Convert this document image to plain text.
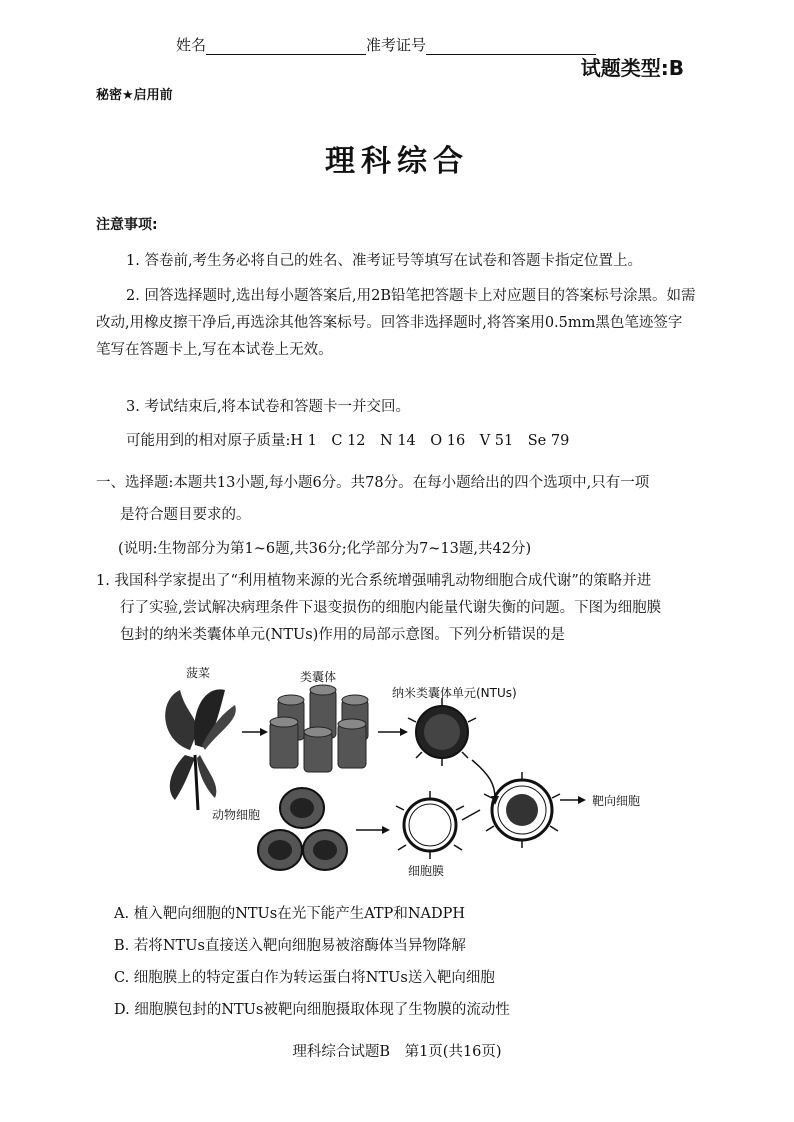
姓名	准考证号
试题类型:B
秘密★启用前
理科综合
注意事项:
1. 答卷前,考生务必将自己的姓名、准考证号等填写在试卷和答题卡指定位置上。
2. 回答选择题时,选出每小题答案后,用2B铅笔把答题卡上对应题目的答案标号涂黑。如需改动,用橡皮擦干净后,再选涂其他答案标号。回答非选择题时,将答案用0.5mm黑色笔迹签字笔写在答题卡上,写在本试卷上无效。
3. 考试结束后,将本试卷和答题卡一并交回。
可能用到的相对原子质量:H 1　C 12　N 14　O 16　V 51　Se 79
一、选择题:本题共13小题,每小题6分。共78分。在每小题给出的四个选项中,只有一项
是符合题目要求的。
(说明:生物部分为第1~6题,共36分;化学部分为7~13题,共42分)
1. 我国科学家提出了“利用植物来源的光合系统增强哺乳动物细胞合成代谢”的策略并进
行了实验,尝试解决病理条件下退变损伤的细胞内能量代谢失衡的问题。下图为细胞膜
包封的纳米类囊体单元(NTUs)作用的局部示意图。下列分析错误的是
菠菜	类囊体
纳米类囊体单元(NTUs)
动物细胞
细胞膜
靶向细胞
A. 植入靶向细胞的NTUs在光下能产生ATP和NADPH
B. 若将NTUs直接送入靶向细胞易被溶酶体当异物降解
C. 细胞膜上的特定蛋白作为转运蛋白将NTUs送入靶向细胞
D. 细胞膜包封的NTUs被靶向细胞摄取体现了生物膜的流动性
理科综合试题B　第1页(共16页)
